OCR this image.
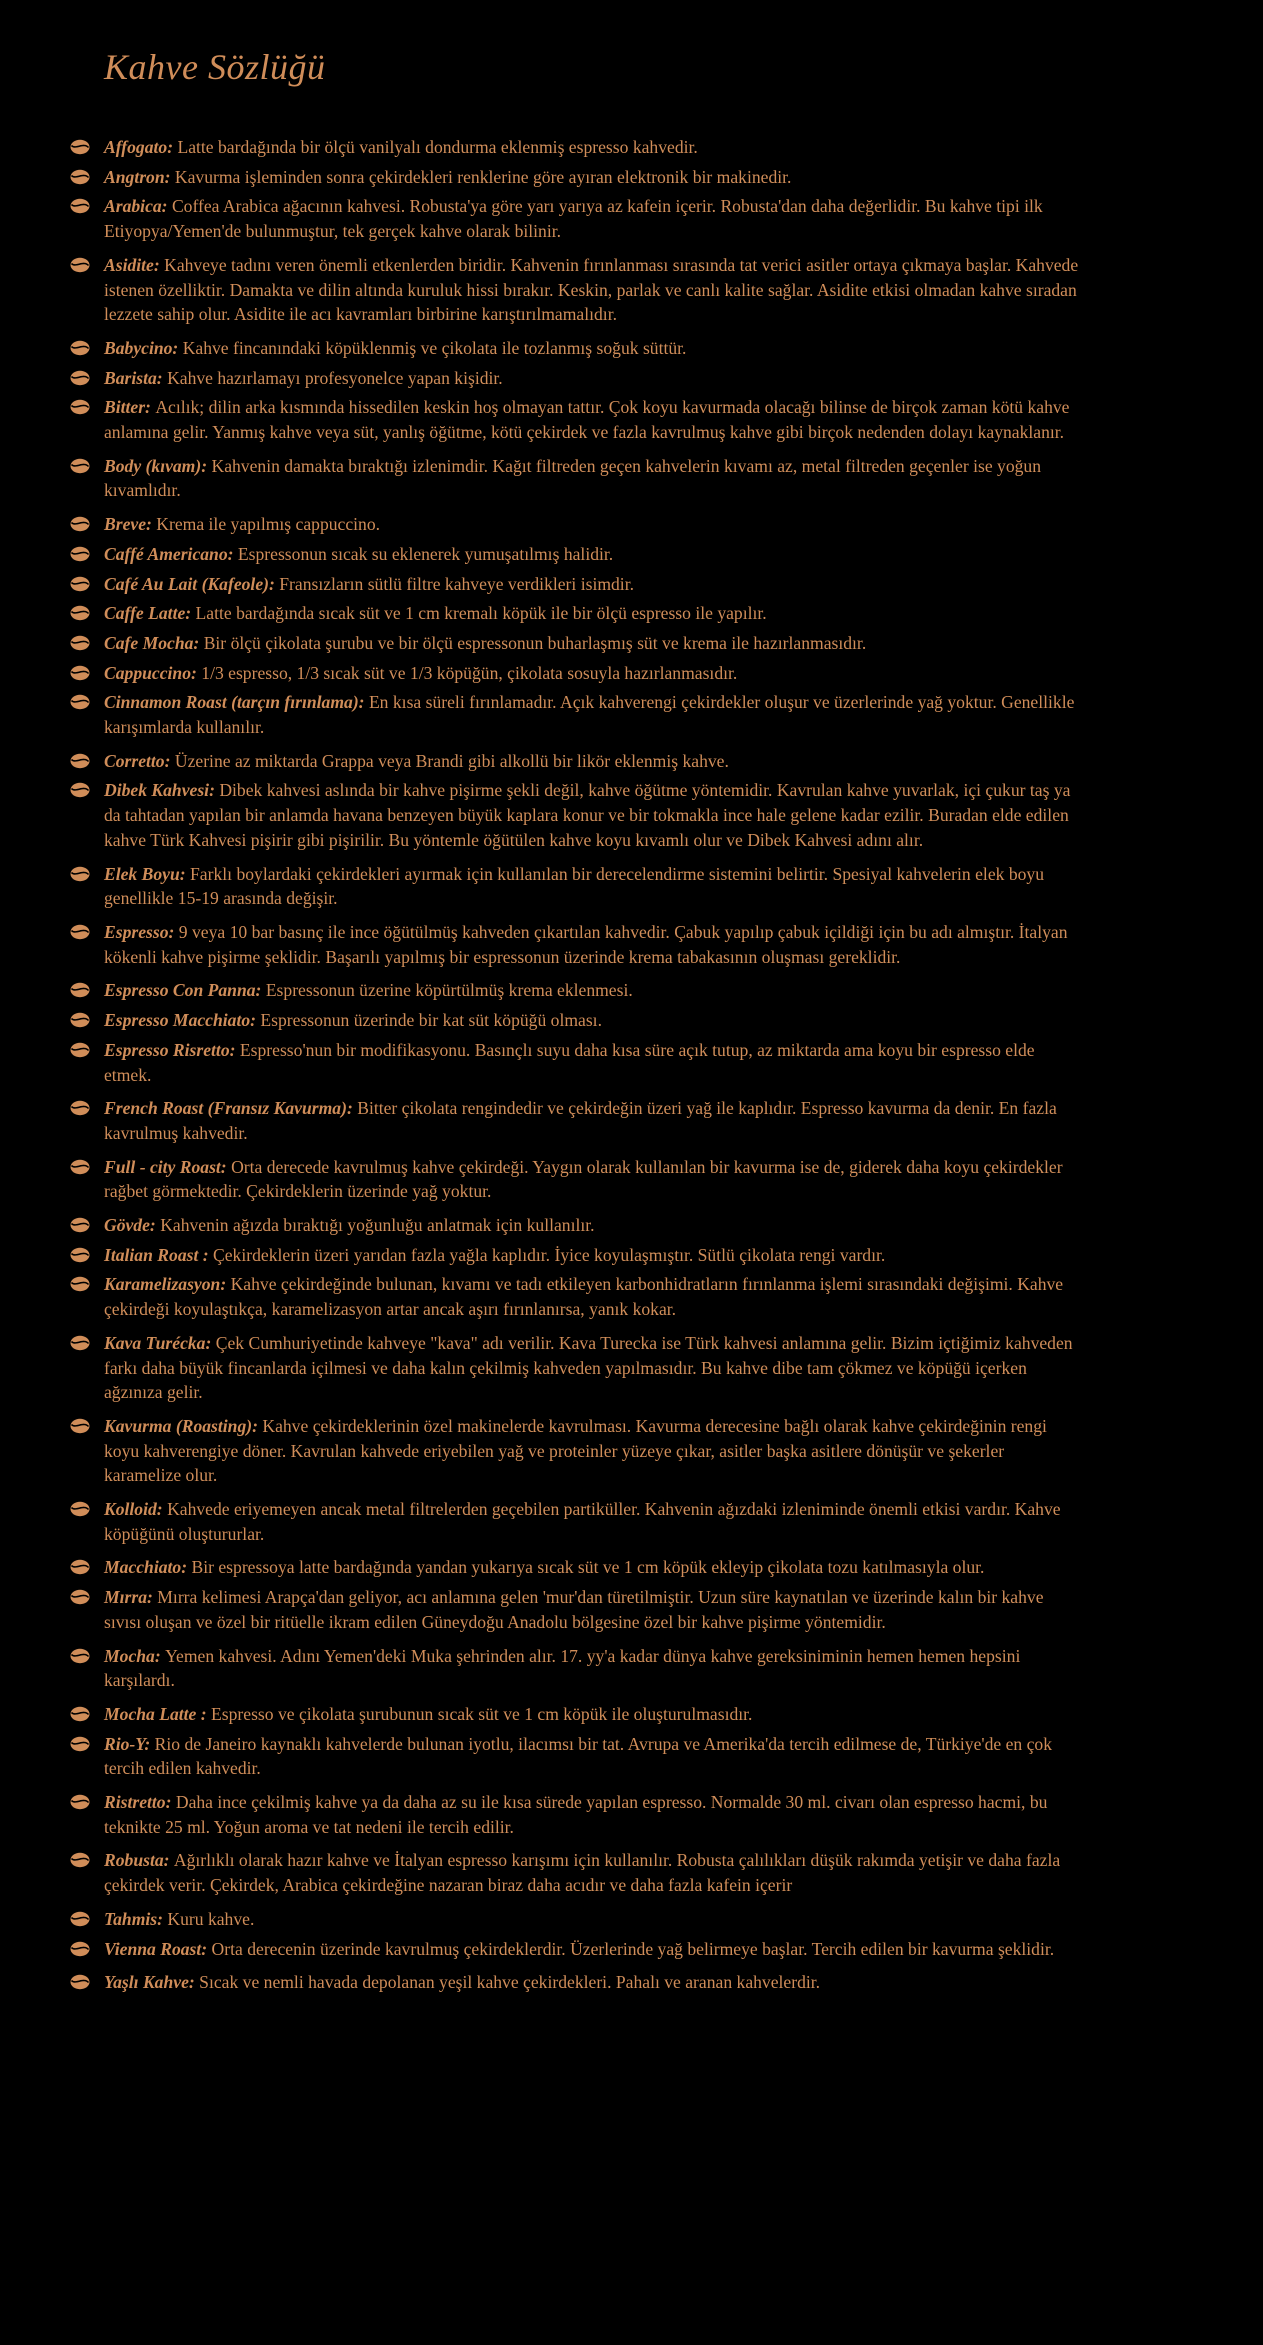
Kahve Sözlüğü
Affogato: Latte bardağında bir ölçü vanilyalı dondurma eklenmiş espresso kahvedir.
Angtron: Kavurma işleminden sonra çekirdekleri renklerine göre ayıran elektronik bir makinedir.
Arabica: Coffea Arabica ağacının kahvesi. Robusta'ya göre yarı yarıya az kafein içerir. Robusta'dan daha değerlidir. Bu kahve tipi ilk Etiyopya/Yemen'de bulunmuştur, tek gerçek kahve olarak bilinir.
Asidite: Kahveye tadını veren önemli etkenlerden biridir. Kahvenin fırınlanması sırasında tat verici asitler ortaya çıkmaya başlar. Kahvede istenen özelliktir. Damakta ve dilin altında kuruluk hissi bırakır. Keskin, parlak ve canlı kalite sağlar. Asidite etkisi olmadan kahve sıradan lezzete sahip olur. Asidite ile acı kavramları birbirine karıştırılmamalıdır.
Babycino: Kahve fincanındaki köpüklenmiş ve çikolata ile tozlanmış soğuk süttür.
Barista: Kahve hazırlamayı profesyonelce yapan kişidir.
Bitter: Acılık; dilin arka kısmında hissedilen keskin hoş olmayan tattır. Çok koyu kavurmada olacağı bilinse de birçok zaman kötü kahve anlamına gelir. Yanmış kahve veya süt, yanlış öğütme, kötü çekirdek ve fazla kavrulmuş kahve gibi birçok nedenden dolayı kaynaklanır.
Body (kıvam): Kahvenin damakta bıraktığı izlenimdir. Kağıt filtreden geçen kahvelerin kıvamı az, metal filtreden geçenler ise yoğun kıvamlıdır.
Breve: Krema ile yapılmış cappuccino.
Caffé Americano: Espressonun sıcak su eklenerek yumuşatılmış halidir.
Café Au Lait (Kafeole): Fransızların sütlü filtre kahveye verdikleri isimdir.
Caffe Latte: Latte bardağında sıcak süt ve 1 cm kremalı köpük ile bir ölçü espresso ile yapılır.
Cafe Mocha: Bir ölçü çikolata şurubu ve bir ölçü espressonun buharlaşmış süt ve krema ile hazırlanmasıdır.
Cappuccino: 1/3 espresso, 1/3 sıcak süt ve 1/3 köpüğün, çikolata sosuyla hazırlanmasıdır.
Cinnamon Roast (tarçın fırınlama): En kısa süreli fırınlamadır. Açık kahverengi çekirdekler oluşur ve üzerlerinde yağ yoktur. Genellikle karışımlarda kullanılır.
Corretto: Üzerine az miktarda Grappa veya Brandi gibi alkollü bir likör eklenmiş kahve.
Dibek Kahvesi: Dibek kahvesi aslında bir kahve pişirme şekli değil, kahve öğütme yöntemidir. Kavrulan kahve yuvarlak, içi çukur taş ya da tahtadan yapılan bir anlamda havana benzeyen büyük kaplara konur ve bir tokmakla ince hale gelene kadar ezilir. Buradan elde edilen kahve Türk Kahvesi pişirir gibi pişirilir. Bu yöntemle öğütülen kahve koyu kıvamlı olur ve Dibek Kahvesi adını alır.
Elek Boyu: Farklı boylardaki çekirdekleri ayırmak için kullanılan bir derecelendirme sistemini belirtir. Spesiyal kahvelerin elek boyu genellikle 15-19 arasında değişir.
Espresso: 9 veya 10 bar basınç ile ince öğütülmüş kahveden çıkartılan kahvedir. Çabuk yapılıp çabuk içildiği için bu adı almıştır. İtalyan kökenli kahve pişirme şeklidir. Başarılı yapılmış bir espressonun üzerinde krema tabakasının oluşması gereklidir.
Espresso Con Panna: Espressonun üzerine köpürtülmüş krema eklenmesi.
Espresso Macchiato: Espressonun üzerinde bir kat süt köpüğü olması.
Espresso Risretto: Espresso'nun bir modifikasyonu. Basınçlı suyu daha kısa süre açık tutup, az miktarda ama koyu bir espresso elde etmek.
French Roast (Fransız Kavurma): Bitter çikolata rengindedir ve çekirdeğin üzeri yağ ile kaplıdır. Espresso kavurma da denir. En fazla kavrulmuş kahvedir.
Full - city Roast: Orta derecede kavrulmuş kahve çekirdeği. Yaygın olarak kullanılan bir kavurma ise de, giderek daha koyu çekirdekler rağbet görmektedir. Çekirdeklerin üzerinde yağ yoktur.
Gövde: Kahvenin ağızda bıraktığı yoğunluğu anlatmak için kullanılır.
Italian Roast : Çekirdeklerin üzeri yarıdan fazla yağla kaplıdır. İyice koyulaşmıştır. Sütlü çikolata rengi vardır.
Karamelizasyon: Kahve çekirdeğinde bulunan, kıvamı ve tadı etkileyen karbonhidratların fırınlanma işlemi sırasındaki değişimi. Kahve çekirdeği koyulaştıkça, karamelizasyon artar ancak aşırı fırınlanırsa, yanık kokar.
Kava Turécka: Çek Cumhuriyetinde kahveye "kava" adı verilir. Kava Turecka ise Türk kahvesi anlamına gelir. Bizim içtiğimiz kahveden farkı daha büyük fincanlarda içilmesi ve daha kalın çekilmiş kahveden yapılmasıdır. Bu kahve dibe tam çökmez ve köpüğü içerken ağzınıza gelir.
Kavurma (Roasting): Kahve çekirdeklerinin özel makinelerde kavrulması. Kavurma derecesine bağlı olarak kahve çekirdeğinin rengi koyu kahverengiye döner. Kavrulan kahvede eriyebilen yağ ve proteinler yüzeye çıkar, asitler başka asitlere dönüşür ve şekerler karamelize olur.
Kolloid: Kahvede eriyemeyen ancak metal filtrelerden geçebilen partiküller. Kahvenin ağızdaki izleniminde önemli etkisi vardır. Kahve köpüğünü oluştururlar.
Macchiato: Bir espressoya latte bardağında yandan yukarıya sıcak süt ve 1 cm köpük ekleyip çikolata tozu katılmasıyla olur.
Mırra: Mırra kelimesi Arapça'dan geliyor, acı anlamına gelen 'mur'dan türetilmiştir. Uzun süre kaynatılan ve üzerinde kalın bir kahve sıvısı oluşan ve özel bir ritüelle ikram edilen Güneydoğu Anadolu bölgesine özel bir kahve pişirme yöntemidir.
Mocha: Yemen kahvesi. Adını Yemen'deki Muka şehrinden alır. 17. yy'a kadar dünya kahve gereksiniminin hemen hemen hepsini karşılardı.
Mocha Latte : Espresso ve çikolata şurubunun sıcak süt ve 1 cm köpük ile oluşturulmasıdır.
Rio-Y: Rio de Janeiro kaynaklı kahvelerde bulunan iyotlu, ilacımsı bir tat. Avrupa ve Amerika'da tercih edilmese de, Türkiye'de en çok tercih edilen kahvedir.
Ristretto: Daha ince çekilmiş kahve ya da daha az su ile kısa sürede yapılan espresso. Normalde 30 ml. civarı olan espresso hacmi, bu teknikte 25 ml. Yoğun aroma ve tat nedeni ile tercih edilir.
Robusta: Ağırlıklı olarak hazır kahve ve İtalyan espresso karışımı için kullanılır. Robusta çalılıkları düşük rakımda yetişir ve daha fazla çekirdek verir. Çekirdek, Arabica çekirdeğine nazaran biraz daha acıdır ve daha fazla kafein içerir
Tahmis: Kuru kahve.
Vienna Roast: Orta derecenin üzerinde kavrulmuş çekirdeklerdir. Üzerlerinde yağ belirmeye başlar. Tercih edilen bir kavurma şeklidir.
Yaşlı Kahve: Sıcak ve nemli havada depolanan yeşil kahve çekirdekleri. Pahalı ve aranan kahvelerdir.
